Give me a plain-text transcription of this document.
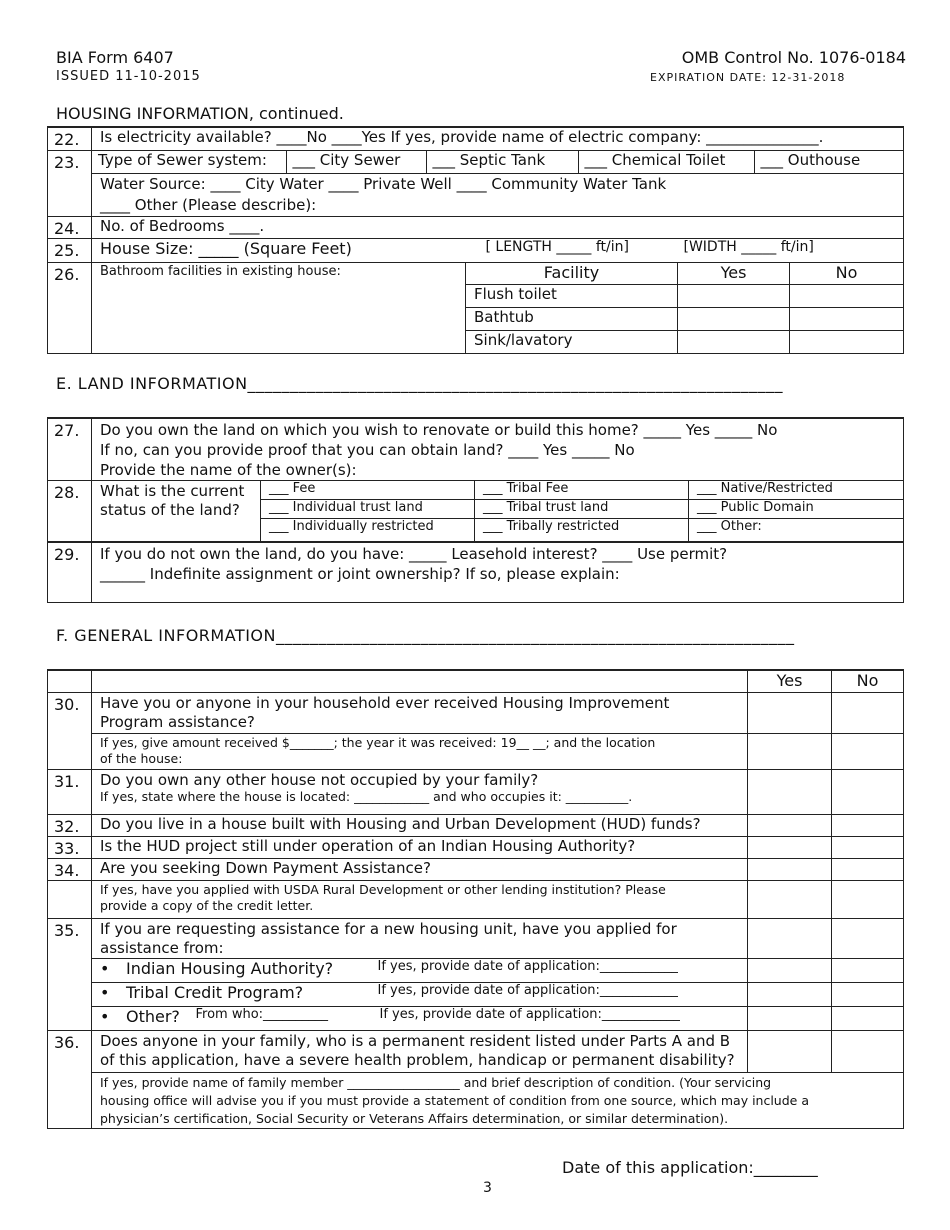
BIA Form 6407
ISSUED 11-10-2015
OMB Control No. 1076-0184
EXPIRATION DATE: 12-31-2018
HOUSING INFORMATION, continued.
22.	Is electricity available? ____No ____Yes If yes, provide name of electric company: _______________.
23.	Type of Sewer system:	___ City Sewer	___ Septic Tank	___ Chemical Toilet	___ Outhouse

Water Source: ____ City Water ____ Private Well ____ Community Water Tank
____ Other (Please describe):

24.	No. of Bedrooms ____.
25.	House Size: _____ (Square Feet)	[ LENGTH _____ ft/in]	[WIDTH _____ ft/in]

26.	Bathroom facilities in existing house:	Facility	Yes	No
Flush toilet		
Bathtub		
Sink/lavatory		
E. LAND INFORMATION_______________________________________________________________
27.	Do you own the land on which you wish to renovate or build this home? _____ Yes _____ No
If no, can you provide proof that you can obtain land? ____ Yes _____ No
Provide the name of the owner(s):			

28.	What is the current
status of the land?	___ Fee	___ Tribal Fee	___ Native/Restricted
		___ Individual trust land	___ Tribal trust land	___ Public Domain
		___ Individually restricted	___ Tribally restricted	___ Other:
29.	If you do not own the land, do you have: _____ Leasehold interest? ____ Use permit?
______ Indefinite assignment or joint ownership? If so, please explain:			
F. GENERAL INFORMATION_____________________________________________________________
		Yes	No
30.	Have you or anyone in your household ever received Housing Improvement
Program assistance?		

	If yes, give amount received $_______; the year it was received: 19__ __; and the location
of the house:		

31.	Do you own any other house not occupied by your family?
If yes, state where the house is located: ____________ and who occupies it: __________.		

32.	Do you live in a house built with Housing and Urban Development (HUD) funds?		
33.	Is the HUD project still under operation of an Indian Housing Authority?		
34.	Are you seeking Down Payment Assistance?		

	If yes, have you applied with USDA Rural Development or other lending institution? Please
provide a copy of the credit letter.		

35.	If you are requesting assistance for a new housing unit, have you applied for
assistance from:		

	• Indian Housing Authority? If yes, provide date of application:____________		

	• Tribal Credit Program? If yes, provide date of application:____________		

	• Other? From who:__________ If yes, provide date of application:____________		

36.	Does anyone in your family, who is a permanent resident listed under Parts A and B
of this application, have a severe health problem, handicap or permanent disability?		

	If yes, provide name of family member __________________ and brief description of condition. (Your servicing
housing office will advise you if you must provide a statement of condition from one source, which may include a
physician’s certification, Social Security or Veterans Affairs determination, or similar determination).		
Date of this application:________
3
